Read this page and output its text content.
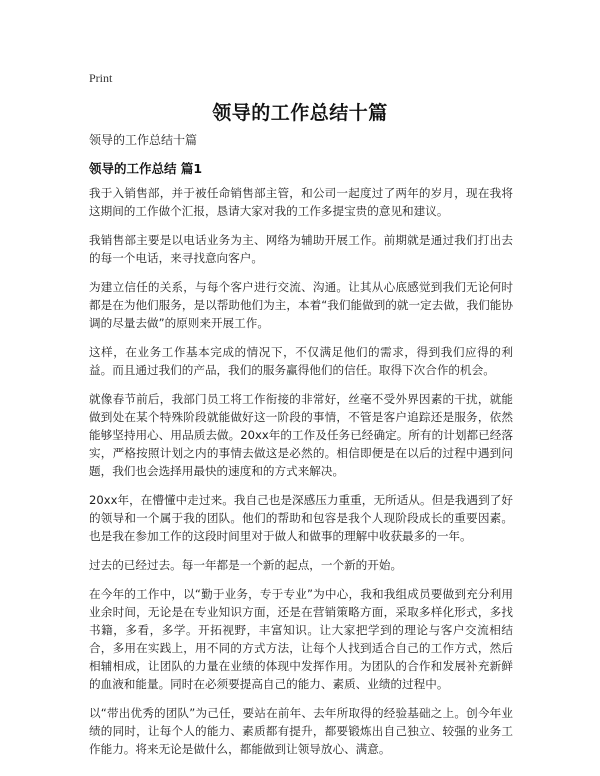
Print
领导的工作总结十篇
领导的工作总结十篇
领导的工作总结 篇1

我于入销售部，并于被任命销售部主管，和公司一起度过了两年的岁月，现在我将这期间的工作做个汇报，恳请大家对我的工作多提宝贵的意见和建议。

我销售部主要是以电话业务为主、网络为辅助开展工作。前期就是通过我们打出去的每一个电话，来寻找意向客户。

为建立信任的关系，与每个客户进行交流、沟通。让其从心底感觉到我们无论何时都是在为他们服务，是以帮助他们为主，本着“我们能做到的就一定去做，我们能协调的尽量去做”的原则来开展工作。

这样，在业务工作基本完成的情况下，不仅满足他们的需求，得到我们应得的利益。而且通过我们的产品，我们的服务赢得他们的信任。取得下次合作的机会。

就像春节前后，我部门员工将工作衔接的非常好，丝毫不受外界因素的干扰，就能做到处在某个特殊阶段就能做好这一阶段的事情，不管是客户追踪还是服务，依然能够坚持用心、用品质去做。20xx年的工作及任务已经确定。所有的计划都已经落实，严格按照计划之内的事情去做这是必然的。相信即便是在以后的过程中遇到问题，我们也会选择用最快的速度和的方式来解决。

20xx年，在懵懂中走过来。我自己也是深感压力重重，无所适从。但是我遇到了好的领导和一个属于我的团队。他们的帮助和包容是我个人现阶段成长的重要因素。也是我在参加工作的这段时间里对于做人和做事的理解中收获最多的一年。

过去的已经过去。每一年都是一个新的起点，一个新的开始。

在今年的工作中，以“勤于业务，专于专业”为中心，我和我组成员要做到充分利用业余时间，无论是在专业知识方面，还是在营销策略方面，采取多样化形式，多找书籍，多看，多学。开拓视野，丰富知识。让大家把学到的理论与客户交流相结合，多用在实践上，用不同的方式方法，让每个人找到适合自己的工作方式，然后相辅相成，让团队的力量在业绩的体现中发挥作用。为团队的合作和发展补充新鲜的血液和能量。同时在必须要提高自己的能力、素质、业绩的过程中。

以“带出优秀的团队”为己任，要站在前年、去年所取得的经验基础之上。创今年业绩的同时，让每个人的能力、素质都有提升，都要锻炼出自己独立、较强的业务工作能力。将来无论是做什么，都能做到让领导放心、满意。
